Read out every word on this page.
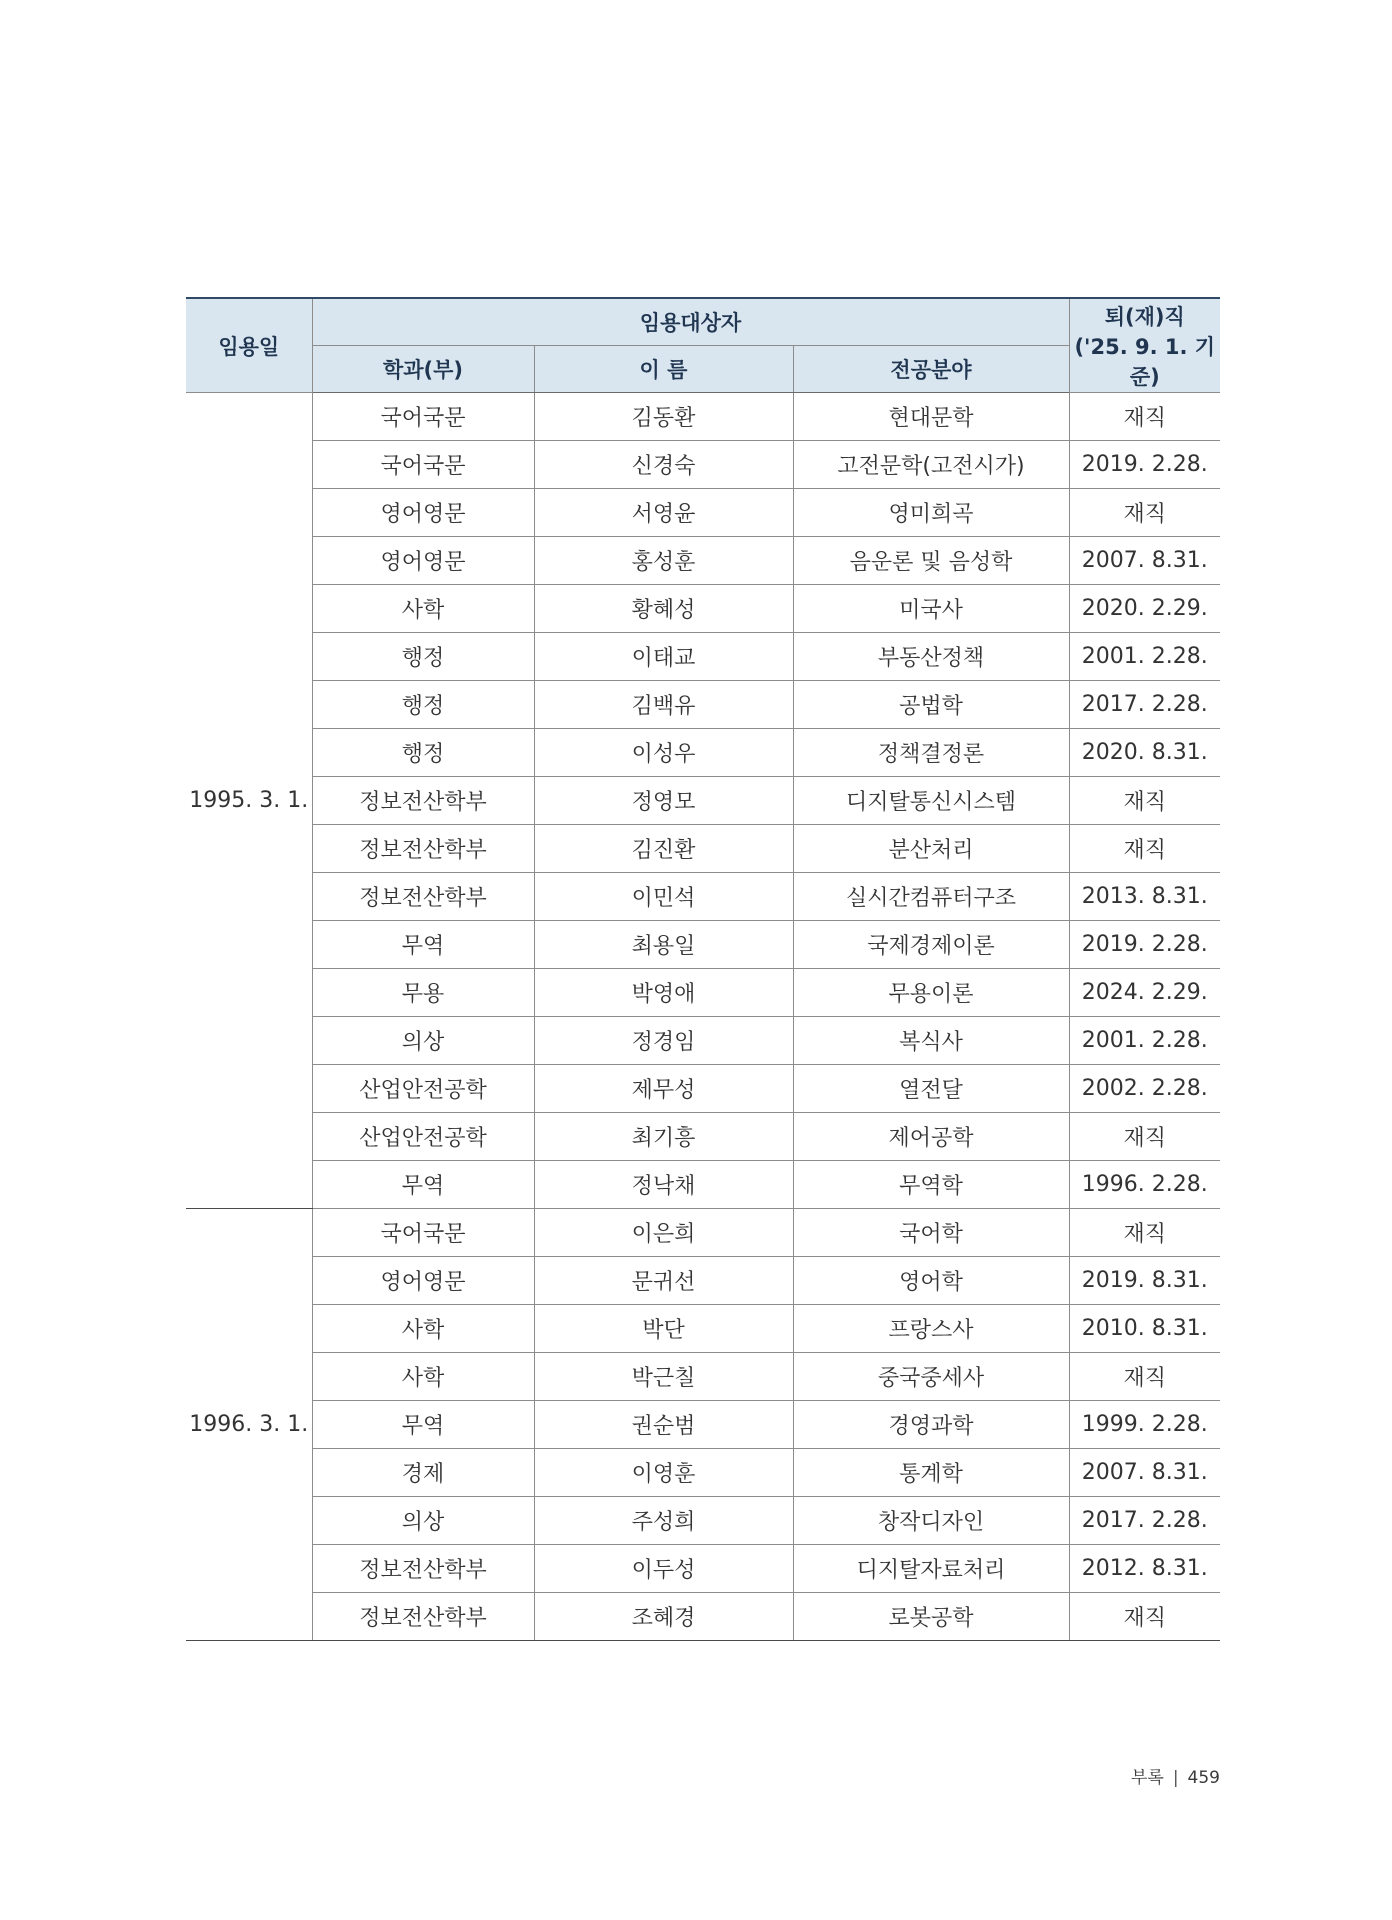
임용일	임용대상자			퇴(재)직
('25. 9. 1. 기준)

	학과(부)	이 름	전공분야	
1995. 3. 1.	국어국문	김동환	현대문학	재직
	국어국문	신경숙	고전문학(고전시가)	2019. 2.28.
	영어영문	서영윤	영미희곡	재직
	영어영문	홍성훈	음운론 및 음성학	2007. 8.31.
	사학	황혜성	미국사	2020. 2.29.
	행정	이태교	부동산정책	2001. 2.28.
	행정	김백유	공법학	2017. 2.28.
	행정	이성우	정책결정론	2020. 8.31.
	정보전산학부	정영모	디지탈통신시스템	재직
	정보전산학부	김진환	분산처리	재직
	정보전산학부	이민석	실시간컴퓨터구조	2013. 8.31.
	무역	최용일	국제경제이론	2019. 2.28.
	무용	박영애	무용이론	2024. 2.29.
	의상	정경임	복식사	2001. 2.28.
	산업안전공학	제무성	열전달	2002. 2.28.
	산업안전공학	최기흥	제어공학	재직
	무역	정낙채	무역학	1996. 2.28.
1996. 3. 1.	국어국문	이은희	국어학	재직
	영어영문	문귀선	영어학	2019. 8.31.
	사학	박단	프랑스사	2010. 8.31.
	사학	박근칠	중국중세사	재직
	무역	권순범	경영과학	1999. 2.28.
	경제	이영훈	통계학	2007. 8.31.
	의상	주성희	창작디자인	2017. 2.28.
	정보전산학부	이두성	디지탈자료처리	2012. 8.31.
	정보전산학부	조혜경	로봇공학	재직
부록 | 459
